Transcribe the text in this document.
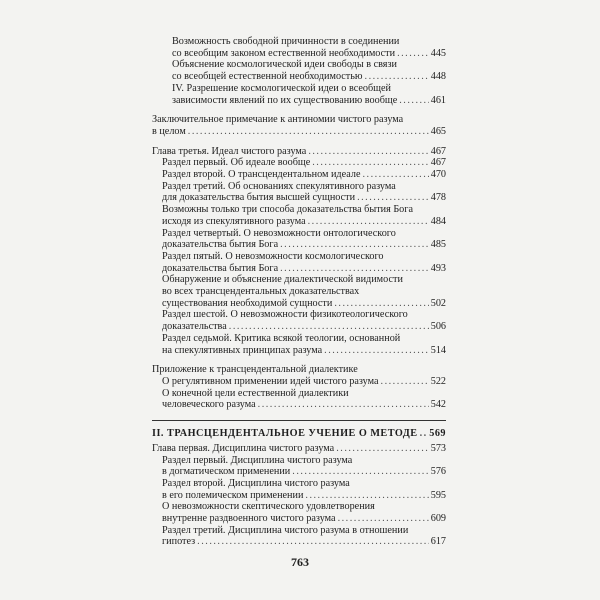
Возможность свободной причинности в соединении
со всеобщим законом естественной необходимости .....	445
Объяснение космологической идеи свободы в связи
со всеобщей естественной необходимостью .....	448
IV. Разрешение космологической идеи о всеобщей
зависимости явлений по их существованию вообще .....	461
Заключительное примечание к антиномии чистого разума
в целом .....	465
Глава третья. Идеал чистого разума .....	467
Раздел первый. Об идеале вообще .....	467
Раздел второй. О трансцендентальном идеале .....	470
Раздел третий. Об основаниях спекулятивного разума
для доказательства бытия высшей сущности .....	478
Возможны только три способа доказательства бытия Бога
исходя из спекулятивного разума .....	484
Раздел четвертый. О невозможности онтологического
доказательства бытия Бога .....	485
Раздел пятый. О невозможности космологического
доказательства бытия Бога .....	493
Обнаружение и объяснение диалектической видимости
во всех трансцендентальных доказательствах
существования необходимой сущности .....	502
Раздел шестой. О невозможности физикотеологического
доказательства .....	506
Раздел седьмой. Критика всякой теологии, основанной
на спекулятивных принципах разума .....	514
Приложение к трансцендентальной диалектике
О регулятивном применении идей чистого разума .....	522
О конечной цели естественной диалектики
человеческого разума .....	542
II. ТРАНСЦЕНДЕНТАЛЬНОЕ УЧЕНИЕ О МЕТОДЕ ..... 569
Глава первая. Дисциплина чистого разума .....	573
Раздел первый. Дисциплина чистого разума
в догматическом применении .....	576
Раздел второй. Дисциплина чистого разума
в его полемическом применении .....	595
О невозможности скептического удовлетворения
внутренне раздвоенного чистого разума .....	609
Раздел третий. Дисциплина чистого разума в отношении
гипотез .....	617
763
